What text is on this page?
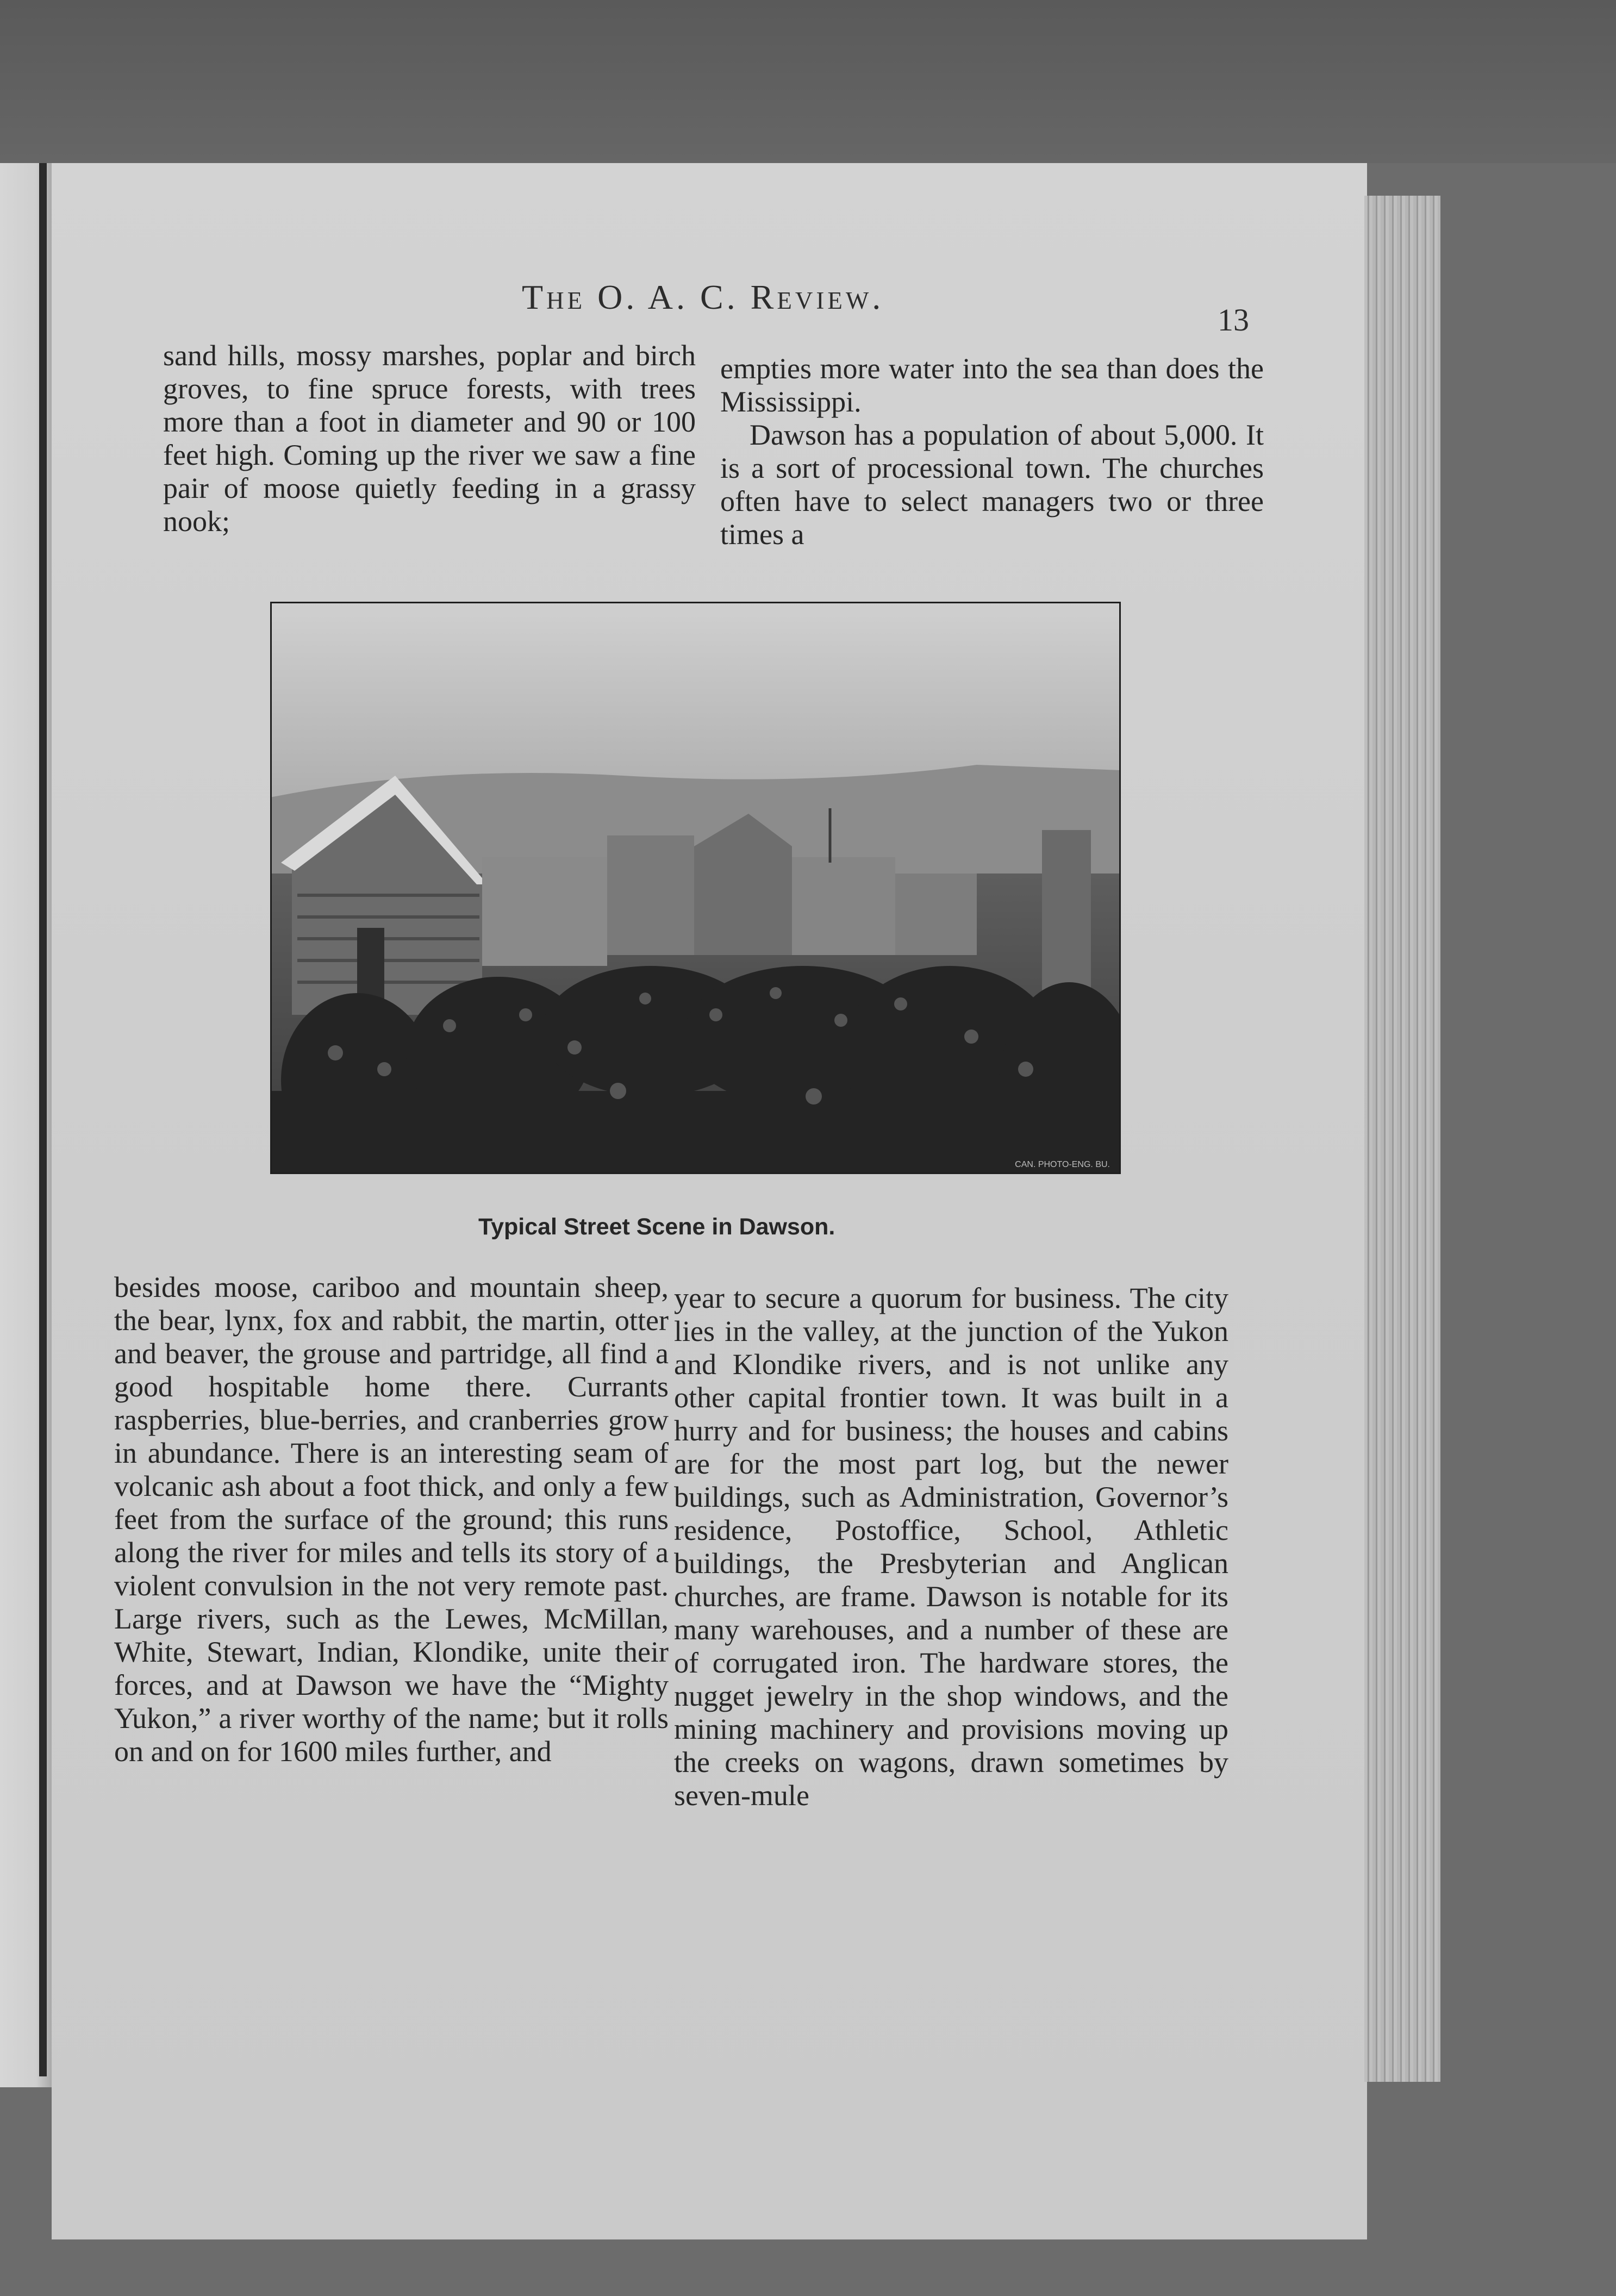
The O. A. C. Review.
13

sand hills, mossy marshes, poplar and birch groves, to fine spruce forests, with trees more than a foot in diameter and 90 or 100 feet high. Coming up the river we saw a fine pair of moose quietly feeding in a grassy nook;

empties more water into the sea than does the Mississippi.

Dawson has a population of about 5,000. It is a sort of processional town. The churches often have to select managers two or three times a

CAN. PHOTO-ENG. BU.
Typical Street Scene in Dawson.

besides moose, cariboo and mountain sheep, the bear, lynx, fox and rabbit, the martin, otter and beaver, the grouse and partridge, all find a good hospitable home there. Currants raspberries, blue-berries, and cranberries grow in abundance. There is an interesting seam of volcanic ash about a foot thick, and only a few feet from the surface of the ground; this runs along the river for miles and tells its story of a violent convulsion in the not very remote past. Large rivers, such as the Lewes, McMillan, White, Stewart, Indian, Klondike, unite their forces, and at Dawson we have the “Mighty Yukon,” a river worthy of the name; but it rolls on and on for 1600 miles further, and

year to secure a quorum for business. The city lies in the valley, at the junction of the Yukon and Klondike rivers, and is not unlike any other capital frontier town. It was built in a hurry and for business; the houses and cabins are for the most part log, but the newer buildings, such as Administration, Governor’s residence, Postoffice, School, Athletic buildings, the Presbyterian and Anglican churches, are frame. Dawson is notable for its many warehouses, and a number of these are of corrugated iron. The hardware stores, the nugget jewelry in the shop windows, and the mining machinery and provisions moving up the creeks on wagons, drawn sometimes by seven-mule
